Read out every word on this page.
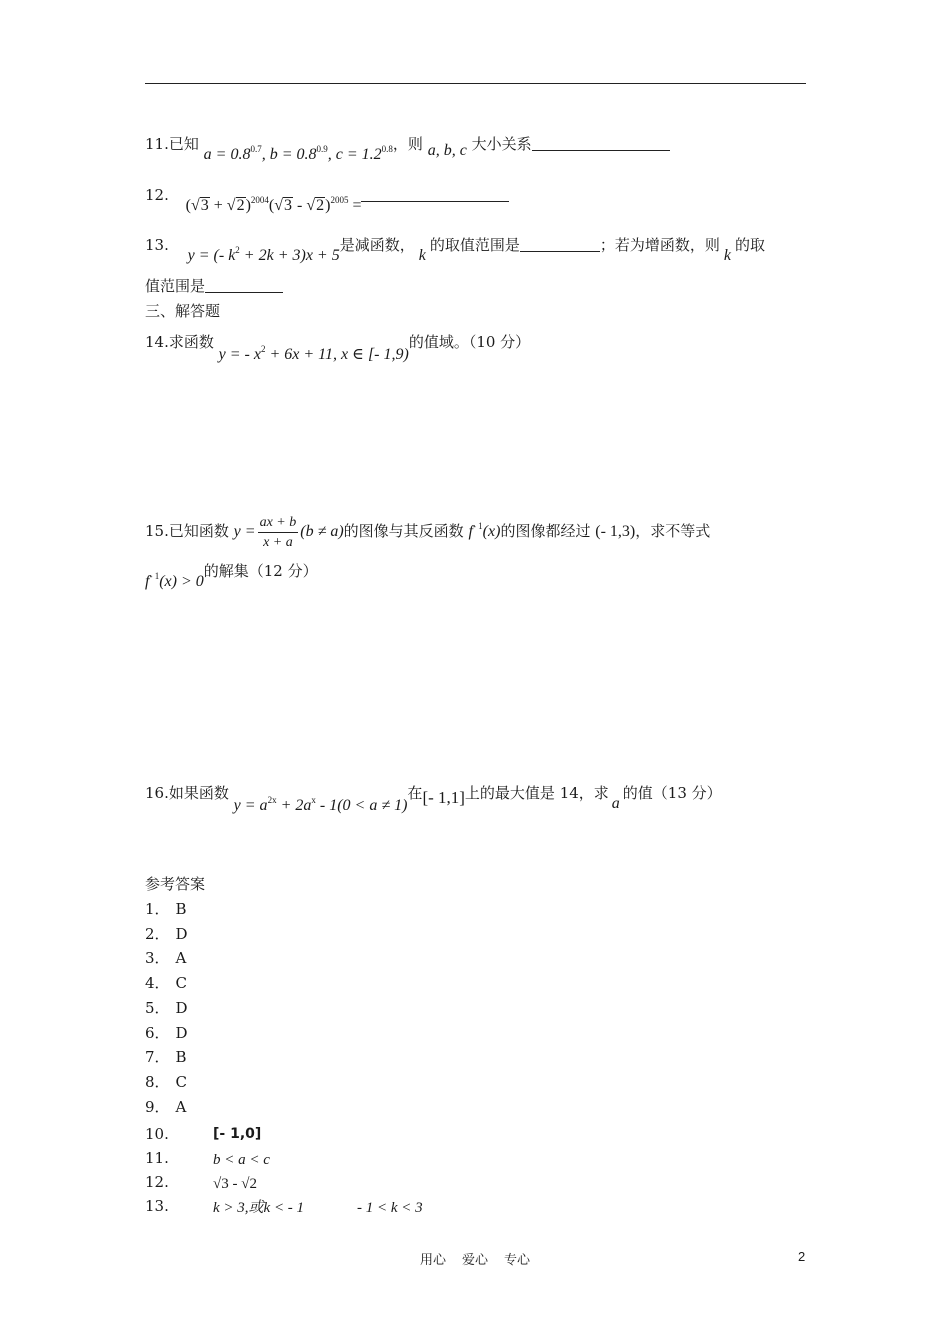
11.已知 $a = 0.8^{0.7}$, $b = 0.8^{0.9}$, $c = 1.2^{0.8}$，则 a, b, c 大小关系
12. $(√3 + √2)^{2004}(√3 - √2)^{2005}$ =
13. y = (- $k^2 + 2k + 3)x + 5$是减函数，k的取值范围是	；若为增函数，则k的取
值范围是
三、解答题
14.求函数 y = - $x^2 + 6x + 11$, x ∈ [- 1,9)的值域。（10 分）
15.已知函数 $y = \frac{ax + b}{x + a} (b \ne a)$的图像与其反函数 $f^{- 1}(x)$的图像都经过 (- 1,3)，求不等式
$f^{- 1}(x) > 0$的解集（12 分）
16.如果函数 $y = a^{2x} + 2a^x - 1(0 < a \ne 1)$在[- 1,1]上的最大值是 14，求a的值（13 分）
参考答案
1． B
2． D
3． A
4． C
5． D
6． D
7． B
8． C
9． A
10.	[- 1,0]
11.	b < a < c
12.	√3 - √2
13.	k > 3,或k < - 1	- 1 < k < 3
用心 爱心 专心	2
